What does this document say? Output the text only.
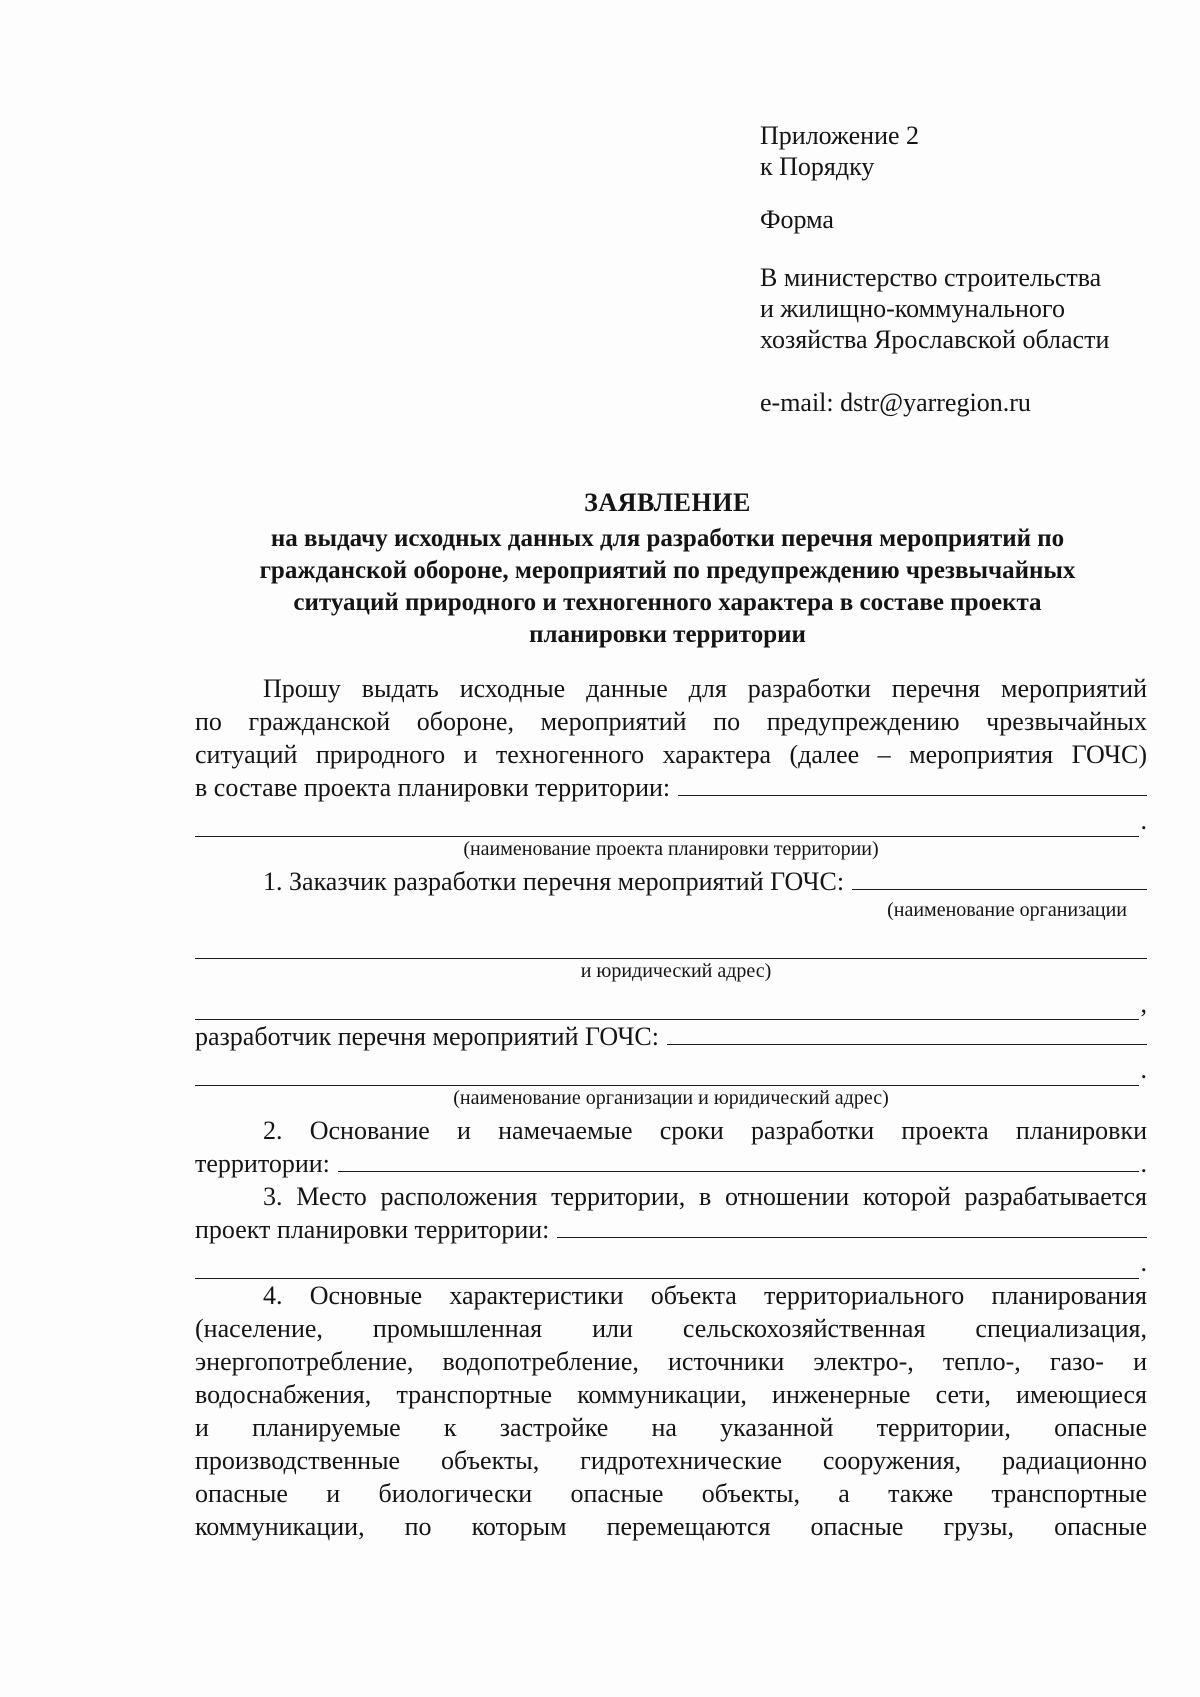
Приложение 2
к Порядку
Форма
В министерство строительства
и жилищно-коммунального
хозяйства Ярославской области
e-mail: dstr@yarregion.ru
ЗАЯВЛЕНИЕ
на выдачу исходных данных для разработки перечня мероприятий по
гражданской обороне, мероприятий по предупреждению чрезвычайных
ситуаций природного и техногенного характера в составе проекта
планировки территории
Прошу выдать исходные данные для разработки перечня мероприятий
по гражданской обороне, мероприятий по предупреждению чрезвычайных
ситуаций природного и техногенного характера (далее – мероприятия ГОЧС)
в составе проекта планировки территории:
.
(наименование проекта планировки территории)
1. Заказчик разработки перечня мероприятий ГОЧС:
(наименование организации
и юридический адрес)
,
разработчик перечня мероприятий ГОЧС:
.
(наименование организации и юридический адрес)
2. Основание и намечаемые сроки разработки проекта планировки
территории:	.
3. Место расположения территории, в отношении которой разрабатывается
проект планировки территории:
.
4. Основные характеристики объекта территориального планирования
(население, промышленная или сельскохозяйственная специализация,
энергопотребление, водопотребление, источники электро-, тепло-, газо- и
водоснабжения, транспортные коммуникации, инженерные сети, имеющиеся
и планируемые к застройке на указанной территории, опасные
производственные объекты, гидротехнические сооружения, радиационно
опасные и биологически опасные объекты, а также транспортные
коммуникации, по которым перемещаются опасные грузы, опасные
